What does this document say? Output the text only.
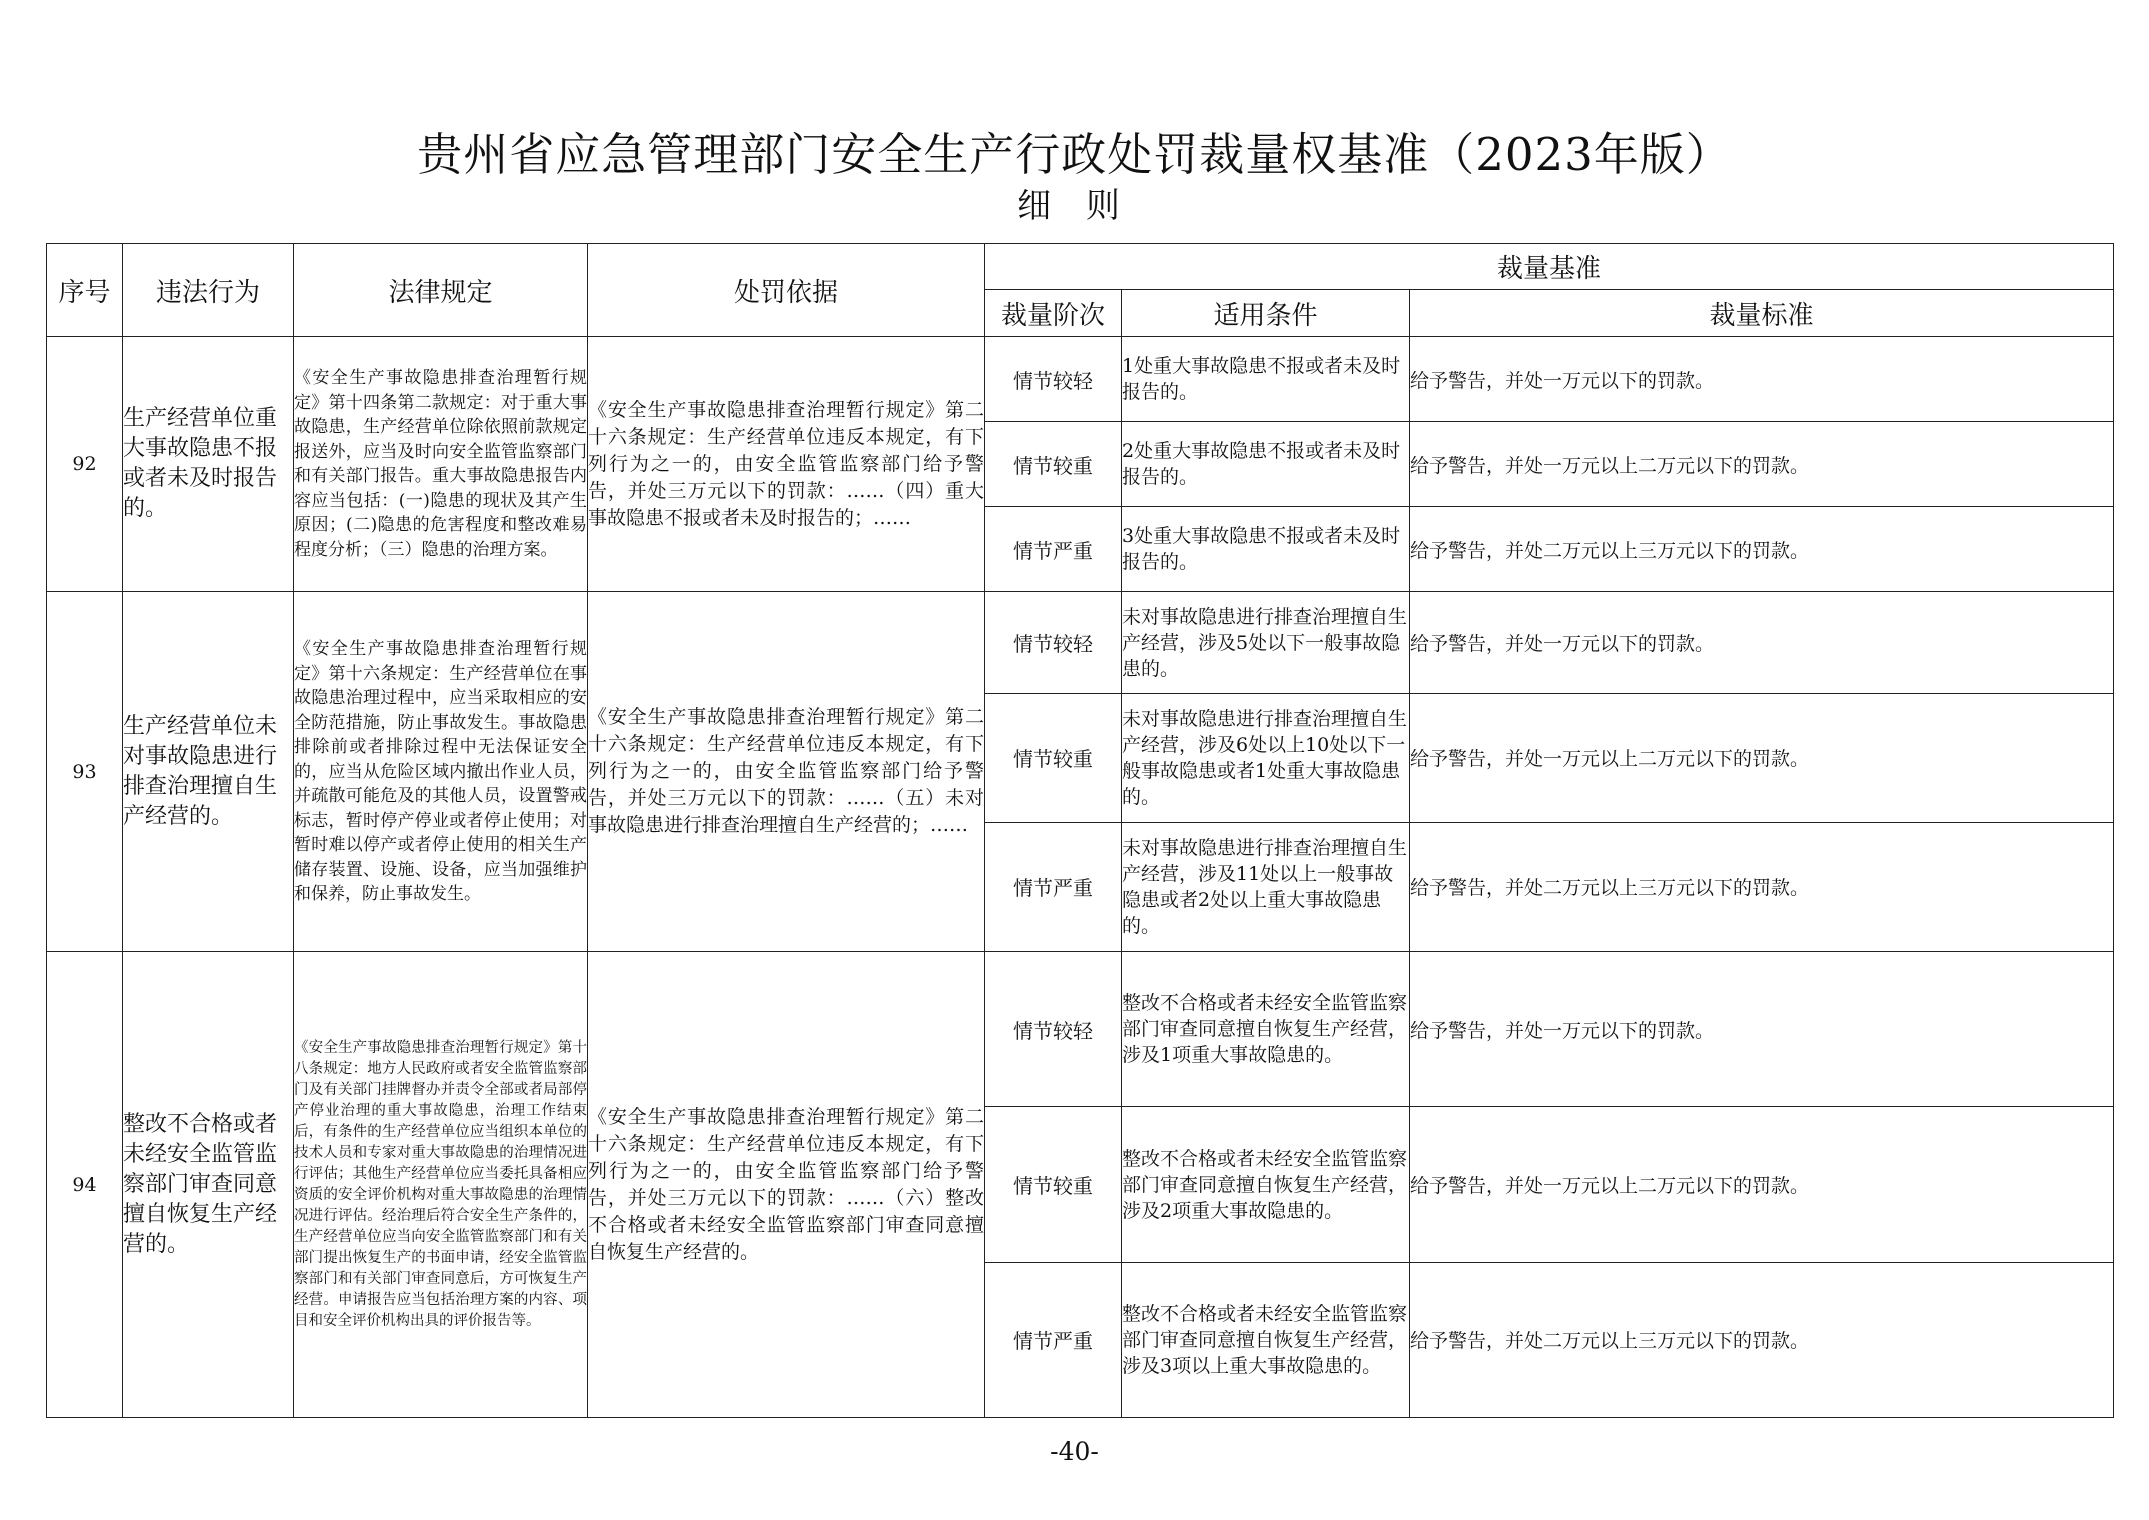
贵州省应急管理部门安全生产行政处罚裁量权基准（2023年版）
细 则
序号	违法行为	法律规定	处罚依据	裁量基准		
				裁量阶次	适用条件	裁量标准
92	生产经营单位重大事故隐患不报或者未及时报告的。	《安全生产事故隐患排查治理暂行规定》第十四条第二款规定：对于重大事故隐患，生产经营单位除依照前款规定报送外，应当及时向安全监管监察部门和有关部门报告。重大事故隐患报告内容应当包括：(一)隐患的现状及其产生原因；(二)隐患的危害程度和整改难易程度分析；（三）隐患的治理方案。	《安全生产事故隐患排查治理暂行规定》第二十六条规定：生产经营单位违反本规定，有下列行为之一的，由安全监管监察部门给予警告，并处三万元以下的罚款：……（四）重大事故隐患不报或者未及时报告的；……	情节较轻	1处重大事故隐患不报或者未及时报告的。	给予警告，并处一万元以下的罚款。
				情节较重	2处重大事故隐患不报或者未及时报告的。	给予警告，并处一万元以上二万元以下的罚款。
				情节严重	3处重大事故隐患不报或者未及时报告的。	给予警告，并处二万元以上三万元以下的罚款。
93	生产经营单位未对事故隐患进行排查治理擅自生产经营的。	《安全生产事故隐患排查治理暂行规定》第十六条规定：生产经营单位在事故隐患治理过程中，应当采取相应的安全防范措施，防止事故发生。事故隐患排除前或者排除过程中无法保证安全的，应当从危险区域内撤出作业人员，并疏散可能危及的其他人员，设置警戒标志，暂时停产停业或者停止使用；对暂时难以停产或者停止使用的相关生产储存装置、设施、设备，应当加强维护和保养，防止事故发生。	《安全生产事故隐患排查治理暂行规定》第二十六条规定：生产经营单位违反本规定，有下列行为之一的，由安全监管监察部门给予警告，并处三万元以下的罚款：……（五）未对事故隐患进行排查治理擅自生产经营的；……	情节较轻	未对事故隐患进行排查治理擅自生产经营，涉及5处以下一般事故隐患的。	给予警告，并处一万元以下的罚款。
				情节较重	未对事故隐患进行排查治理擅自生产经营，涉及6处以上10处以下一般事故隐患或者1处重大事故隐患的。	给予警告，并处一万元以上二万元以下的罚款。
				情节严重	未对事故隐患进行排查治理擅自生产经营，涉及11处以上一般事故隐患或者2处以上重大事故隐患的。	给予警告，并处二万元以上三万元以下的罚款。
94	整改不合格或者未经安全监管监察部门审查同意擅自恢复生产经营的。	《安全生产事故隐患排查治理暂行规定》第十八条规定：地方人民政府或者安全监管监察部门及有关部门挂牌督办并责令全部或者局部停产停业治理的重大事故隐患，治理工作结束后，有条件的生产经营单位应当组织本单位的技术人员和专家对重大事故隐患的治理情况进行评估；其他生产经营单位应当委托具备相应资质的安全评价机构对重大事故隐患的治理情况进行评估。经治理后符合安全生产条件的，生产经营单位应当向安全监管监察部门和有关部门提出恢复生产的书面申请，经安全监管监察部门和有关部门审查同意后，方可恢复生产经营。申请报告应当包括治理方案的内容、项目和安全评价机构出具的评价报告等。	《安全生产事故隐患排查治理暂行规定》第二十六条规定：生产经营单位违反本规定，有下列行为之一的，由安全监管监察部门给予警告，并处三万元以下的罚款：……（六）整改不合格或者未经安全监管监察部门审查同意擅自恢复生产经营的。	情节较轻	整改不合格或者未经安全监管监察部门审查同意擅自恢复生产经营，涉及1项重大事故隐患的。	给予警告，并处一万元以下的罚款。
				情节较重	整改不合格或者未经安全监管监察部门审查同意擅自恢复生产经营，涉及2项重大事故隐患的。	给予警告，并处一万元以上二万元以下的罚款。
				情节严重	整改不合格或者未经安全监管监察部门审查同意擅自恢复生产经营，涉及3项以上重大事故隐患的。	给予警告，并处二万元以上三万元以下的罚款。
-40-
